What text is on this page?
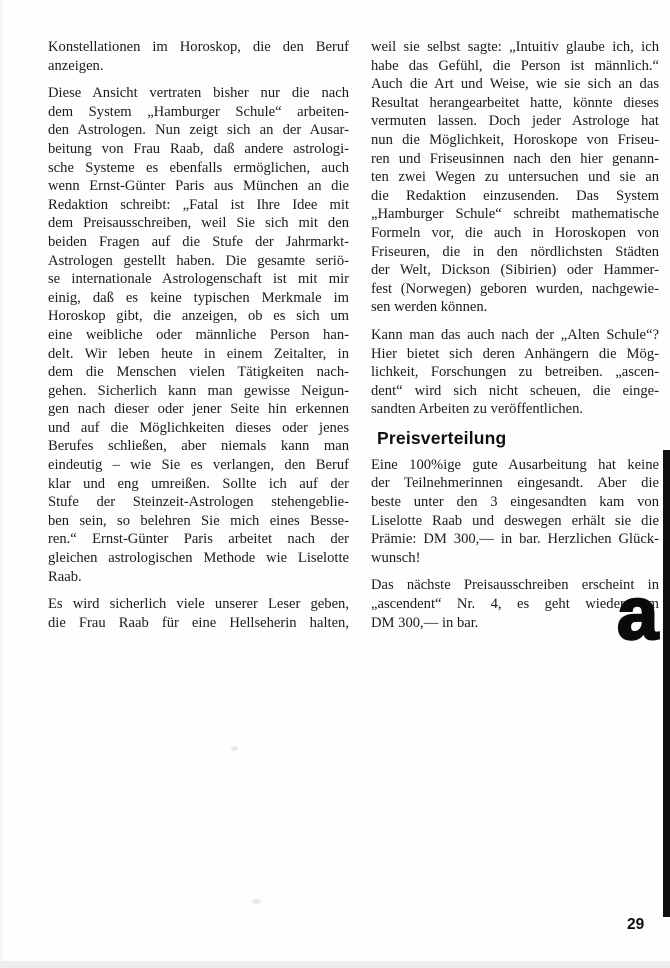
Konstellationen im Horoskop, die den Beruf
anzeigen.
Diese Ansicht vertraten bisher nur die nach
dem System „Hamburger Schule“ arbeiten-
den Astrologen. Nun zeigt sich an der Ausar-
beitung von Frau Raab, daß andere astrologi-
sche Systeme es ebenfalls ermöglichen, auch
wenn Ernst-Günter Paris aus München an die
Redaktion schreibt: „Fatal ist Ihre Idee mit
dem Preisausschreiben, weil Sie sich mit den
beiden Fragen auf die Stufe der Jahrmarkt-
Astrologen gestellt haben. Die gesamte seriö-
se internationale Astrologenschaft ist mit mir
einig, daß es keine typischen Merkmale im
Horoskop gibt, die anzeigen, ob es sich um
eine weibliche oder männliche Person han-
delt. Wir leben heute in einem Zeitalter, in
dem die Menschen vielen Tätigkeiten nach-
gehen. Sicherlich kann man gewisse Neigun-
gen nach dieser oder jener Seite hin erkennen
und auf die Möglichkeiten dieses oder jenes
Berufes schließen, aber niemals kann man
eindeutig – wie Sie es verlangen, den Beruf
klar und eng umreißen. Sollte ich auf der
Stufe der Steinzeit-Astrologen stehengeblie-
ben sein, so belehren Sie mich eines Besse-
ren.“ Ernst-Günter Paris arbeitet nach der
gleichen astrologischen Methode wie Liselotte
Raab.
Es wird sicherlich viele unserer Leser geben,
die Frau Raab für eine Hellseherin halten,
weil sie selbst sagte: „Intuitiv glaube ich, ich
habe das Gefühl, die Person ist männlich.“
Auch die Art und Weise, wie sie sich an das
Resultat herangearbeitet hatte, könnte dieses
vermuten lassen. Doch jeder Astrologe hat
nun die Möglichkeit, Horoskope von Friseu-
ren und Friseusinnen nach den hier genann-
ten zwei Wegen zu untersuchen und sie an
die Redaktion einzusenden. Das System
„Hamburger Schule“ schreibt mathematische
Formeln vor, die auch in Horoskopen von
Friseuren, die in den nördlichsten Städten
der Welt, Dickson (Sibirien) oder Hammer-
fest (Norwegen) geboren wurden, nachgewie-
sen werden können.
Kann man das auch nach der „Alten Schule“?
Hier bietet sich deren Anhängern die Mög-
lichkeit, Forschungen zu betreiben. „ascen-
dent“ wird sich nicht scheuen, die einge-
sandten Arbeiten zu veröffentlichen.
Preisverteilung
Eine 100%ige gute Ausarbeitung hat keine
der Teilnehmerinnen eingesandt. Aber die
beste unter den 3 eingesandten kam von
Liselotte Raab und deswegen erhält sie die
Prämie: DM 300,— in bar. Herzlichen Glück-
wunsch!
Das nächste Preisausschreiben erscheint in
„ascendent“ Nr. 4, es geht wieder um
DM 300,— in bar.	a
29
